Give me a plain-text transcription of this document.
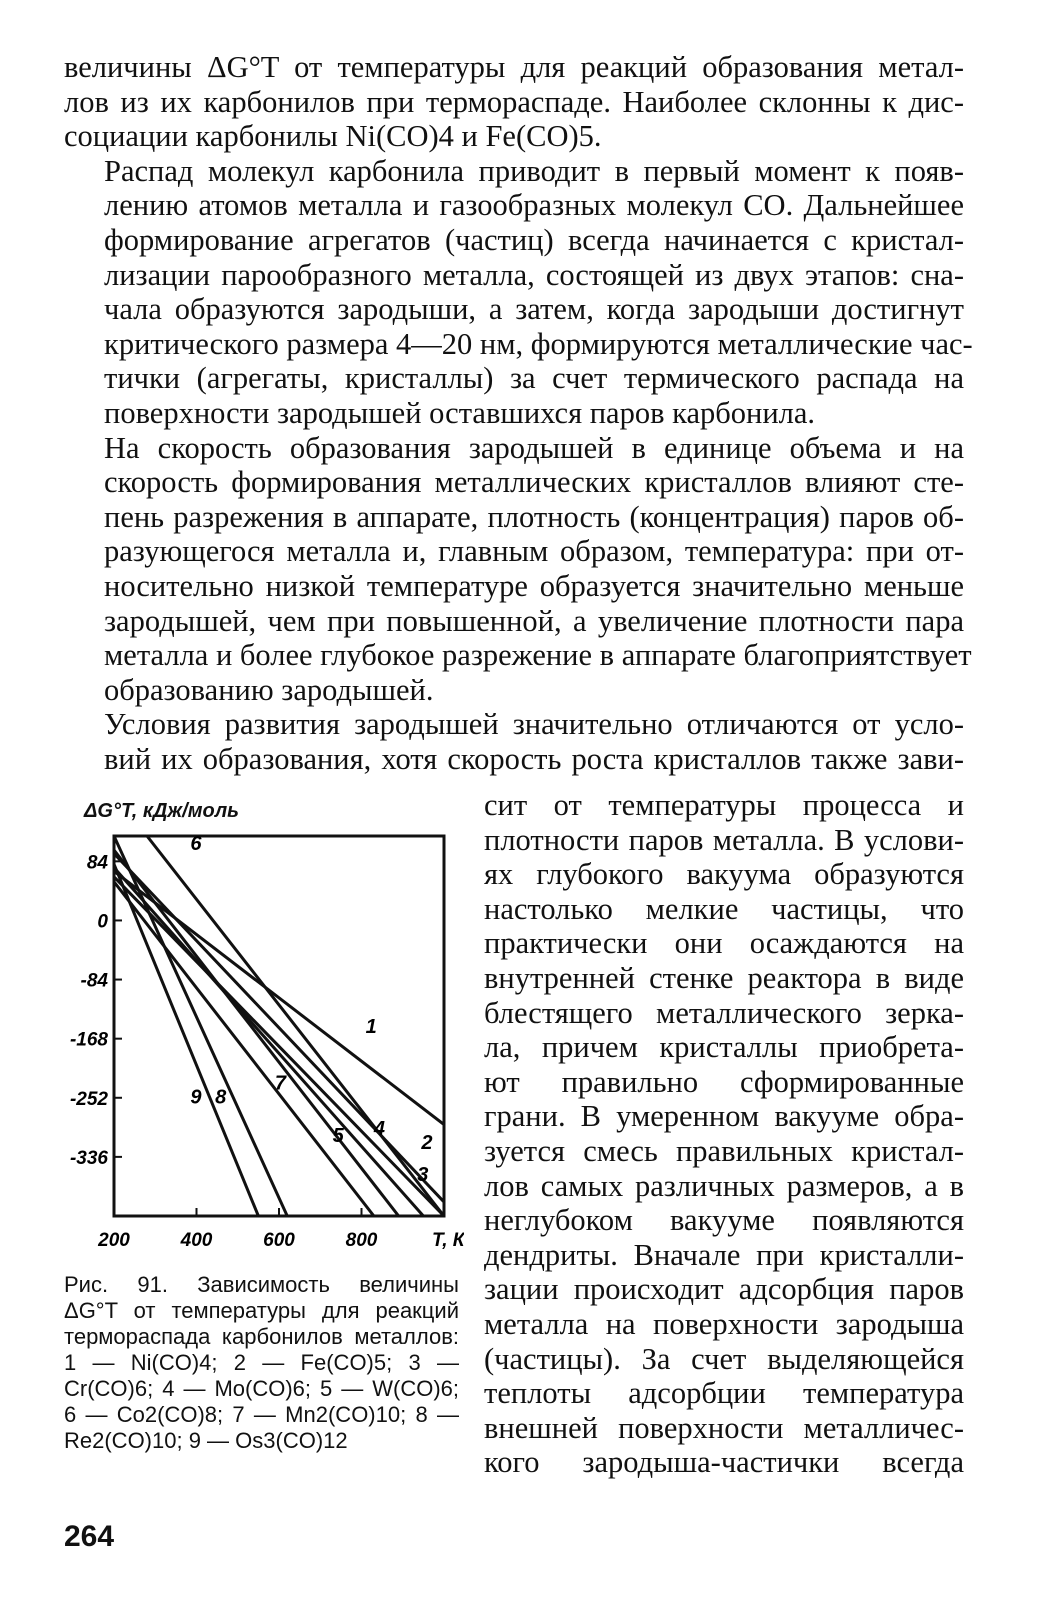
величины ΔG°T от температуры для реакций образования метал-
лов из их карбонилов при терморaспаде. Наиболее склонны к дис-
социации карбонилы Ni(CO)4 и Fe(CO)5.

Распад молекул карбонила приводит в первый момент к появ-
лению атомов металла и газообразных молекул CO. Дальнейшее
формирование агрегатов (частиц) всегда начинается с кристал-
лизации парообразного металла, состоящей из двух этапов: сна-
чала образуются зародыши, а затем, когда зародыши достигнут
критического размера 4—20 нм, формируются металлические час-
тички (агрегаты, кристаллы) за счет термического распада на
поверхности зародышей оставшихся паров карбонила.

На скорость образования зародышей в единице объема и на
скорость формирования металлических кристаллов влияют сте-
пень разрежения в аппарате, плотность (концентрация) паров об-
разующегося металла и, главным образом, температура: при от-
носительно низкой температуре образуется значительно меньше
зародышей, чем при повышенной, а увеличение плотности пара
металла и более глубокое разрежение в аппарате благоприятствует
образованию зародышей.

Условия развития зародышей значительно отличаются от усло-
вий их образования, хотя скорость роста кристаллов также зави-

сит от температуры процесса и
плотности паров металла. В услови-
ях глубокого вакуума образуются
настолько мелкие частицы, что
практически они осаждаются на
внутренней стенке реактора в виде
блестящего металлического зерка-
ла, причем кристаллы приобрета-
ют правильно сформированные
грани. В умеренном вакууме обра-
зуется смесь правильных кристал-
лов самых различных размеров, а в
неглубоком вакууме появляются
дендриты. Вначале при кристалли-
зации происходит адсорбция паров
металла на поверхности зародыша
(частицы). За счет выделяющейся
теплоты адсорбции температура
внешней поверхности металличес-
кого зародыша-частички всегда
84
0
-84
-168
-252
-336
200	400	600	800	T, К
1
2
3
4
5
6
7
8
9
Рис. 91. Зависимость величины
ΔG°T от температуры для реакций
терморaспада карбонилов металлов:
1 — Ni(CO)4; 2 — Fe(CO)5; 3 —
Cr(CO)6; 4 — Mo(CO)6; 5 — W(CO)6;
6 — Co2(CO)8; 7 — Mn2(CO)10; 8 —
Re2(CO)10; 9 — Os3(CO)12
264
ΔG°T, кДж/моль
